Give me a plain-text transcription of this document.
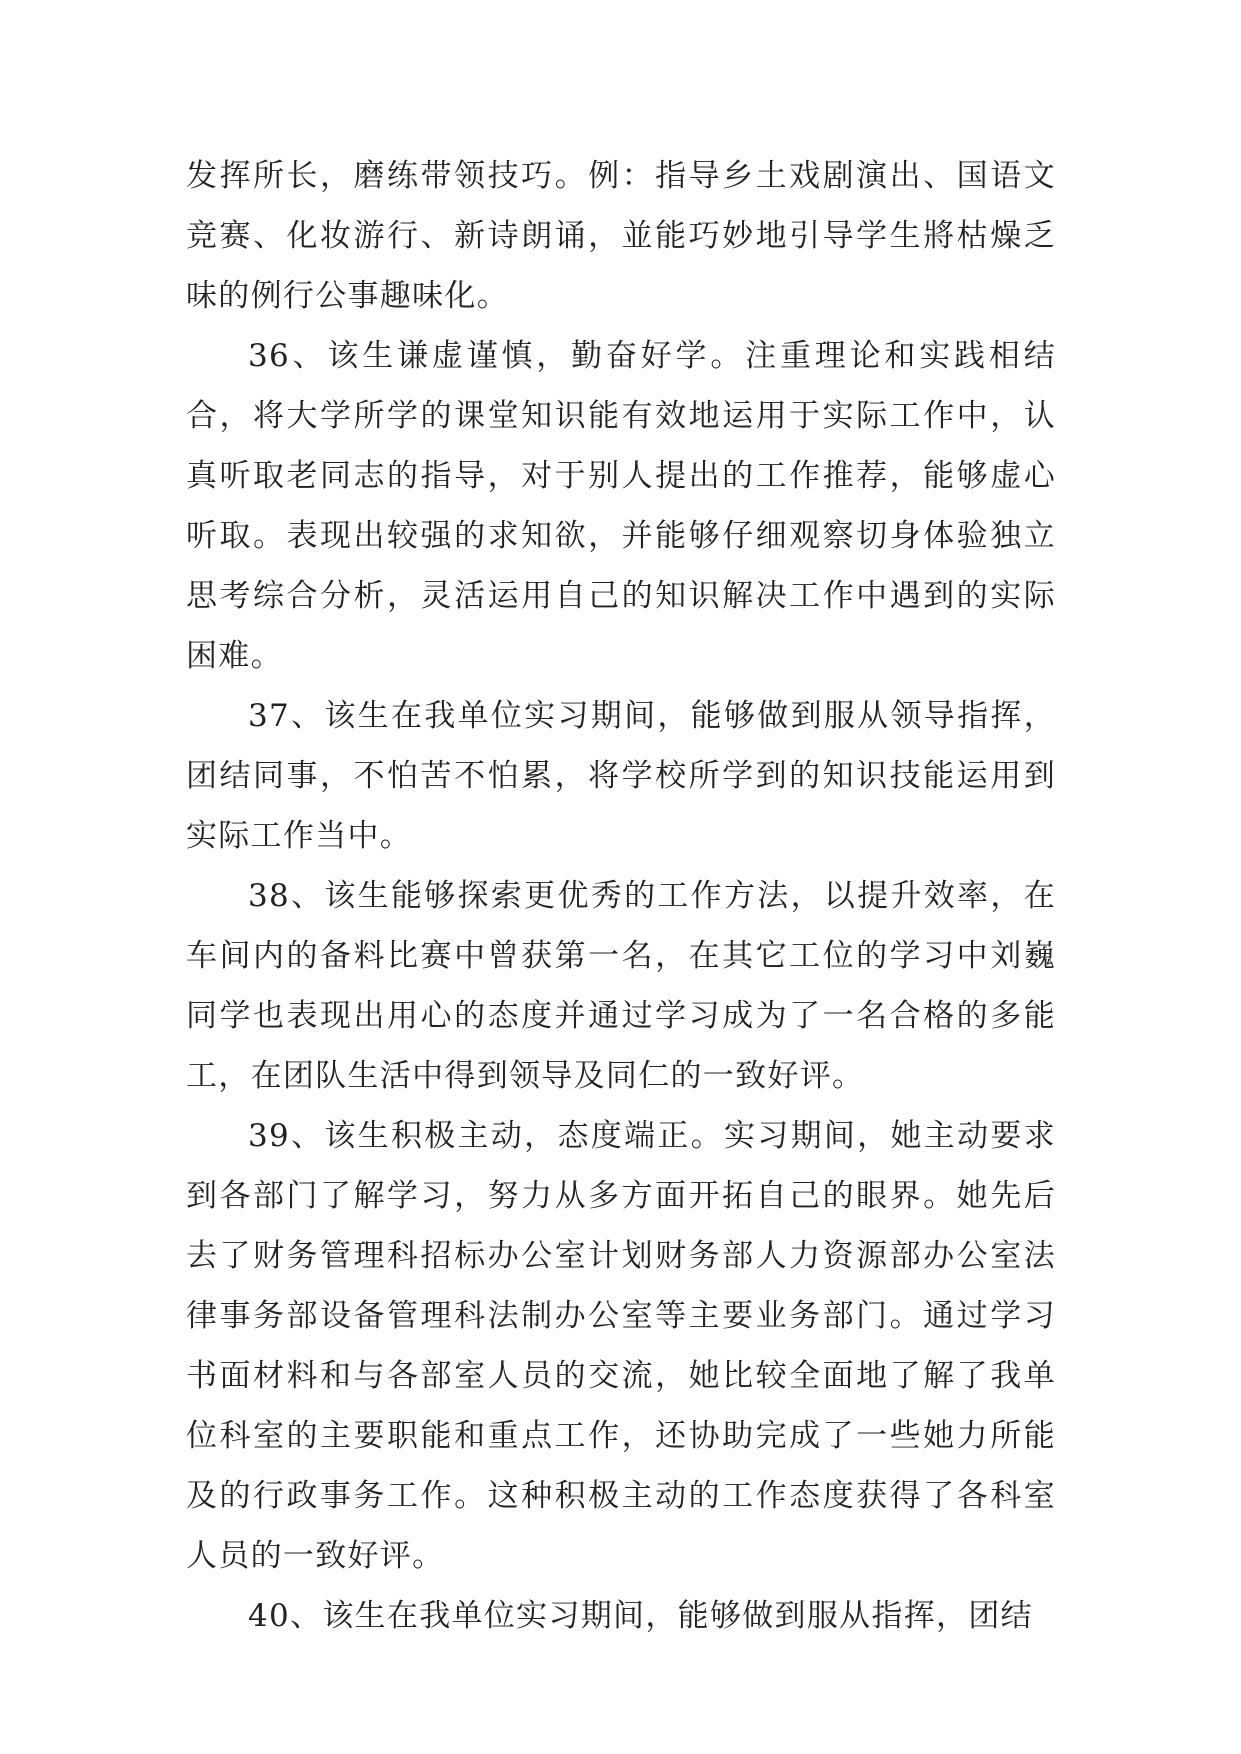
发挥所长，磨练带领技巧。例：指导乡土戏剧演出、国语文竞赛、化妆游行、新诗朗诵，並能巧妙地引导学生將枯燥乏味的例行公事趣味化。

36、该生谦虚谨慎，勤奋好学。注重理论和实践相结合，将大学所学的课堂知识能有效地运用于实际工作中，认真听取老同志的指导，对于别人提出的工作推荐，能够虚心听取。表现出较强的求知欲，并能够仔细观察切身体验独立思考综合分析，灵活运用自己的知识解决工作中遇到的实际困难。

37、该生在我单位实习期间，能够做到服从领导指挥，团结同事，不怕苦不怕累，将学校所学到的知识技能运用到实际工作当中。

38、该生能够探索更优秀的工作方法，以提升效率，在车间内的备料比赛中曾获第一名，在其它工位的学习中刘巍同学也表现出用心的态度并通过学习成为了一名合格的多能工，在团队生活中得到领导及同仁的一致好评。

39、该生积极主动，态度端正。实习期间，她主动要求到各部门了解学习，努力从多方面开拓自己的眼界。她先后去了财务管理科招标办公室计划财务部人力资源部办公室法律事务部设备管理科法制办公室等主要业务部门。通过学习书面材料和与各部室人员的交流，她比较全面地了解了我单位科室的主要职能和重点工作，还协助完成了一些她力所能及的行政事务工作。这种积极主动的工作态度获得了各科室人员的一致好评。

40、该生在我单位实习期间，能够做到服从指挥，团结
